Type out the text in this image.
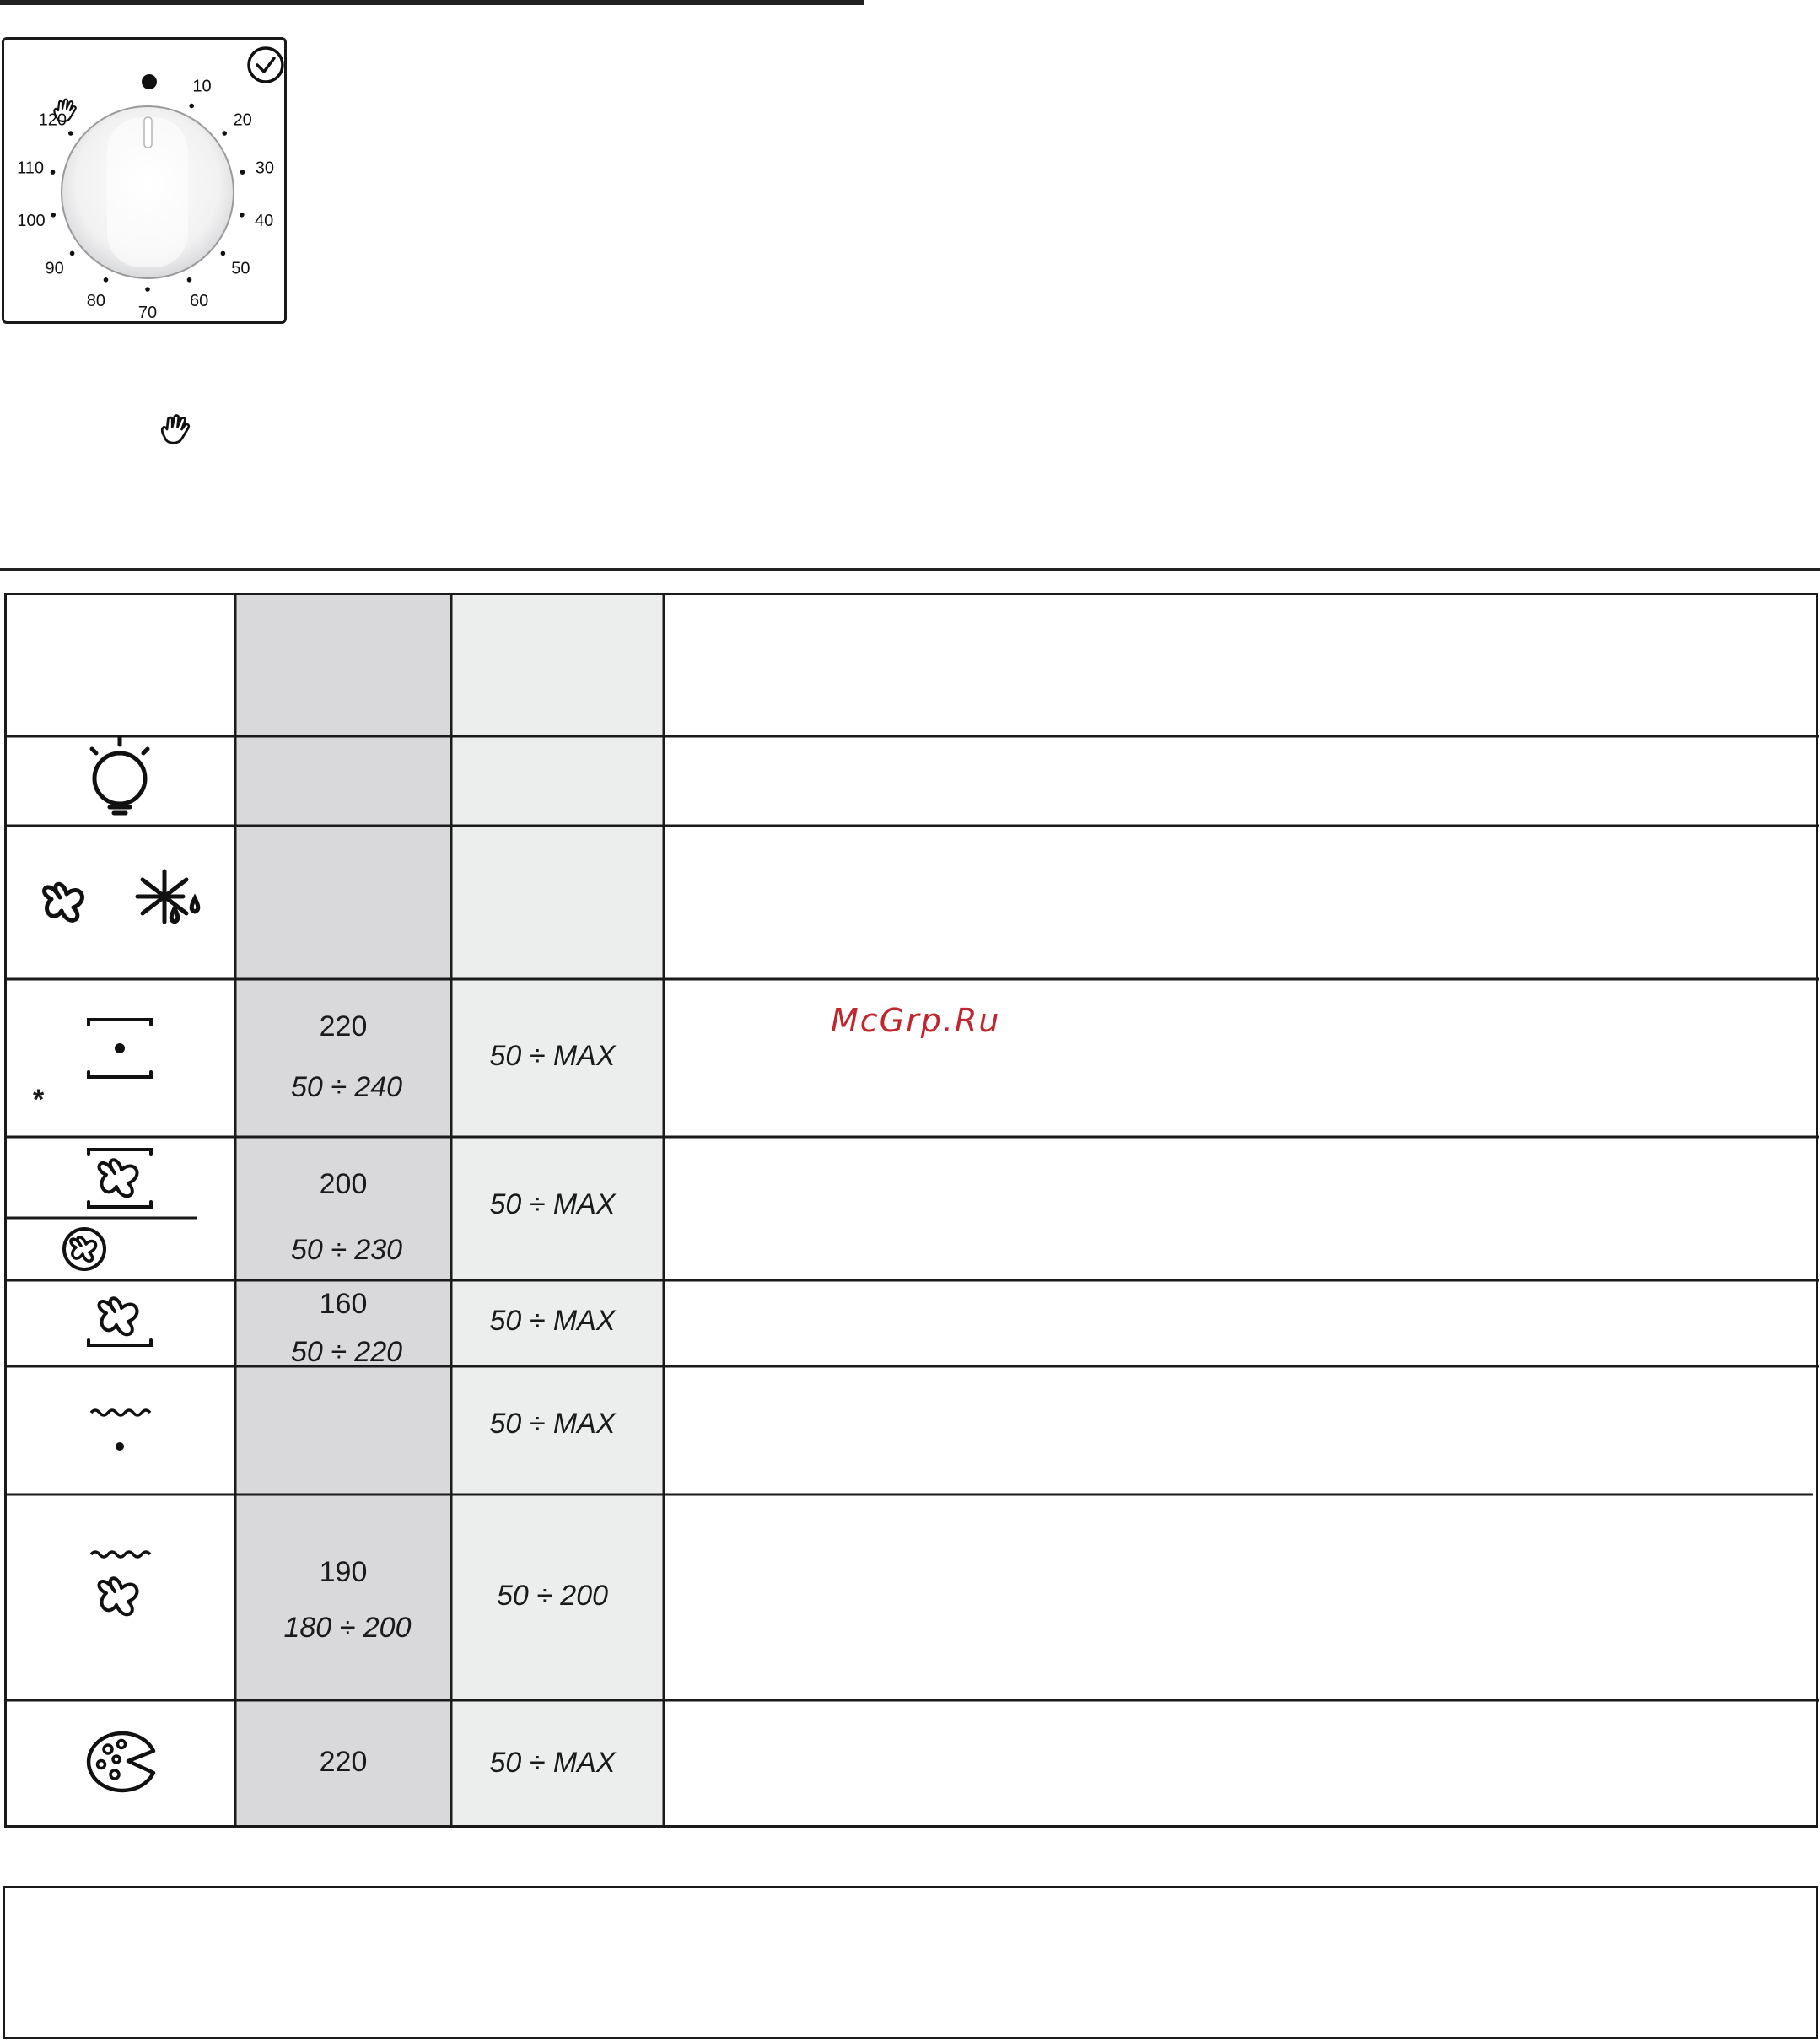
10
20
30
40
50
60
70
80
90
100
110
120
*
220
50 ÷ 240
50 ÷ MAX
McGrp.Ru
200
50 ÷ 230
50 ÷ MAX
160
50 ÷ 220
50 ÷ MAX
50 ÷ MAX
190
180 ÷ 200
50 ÷ 200
220	50 ÷ MAX
